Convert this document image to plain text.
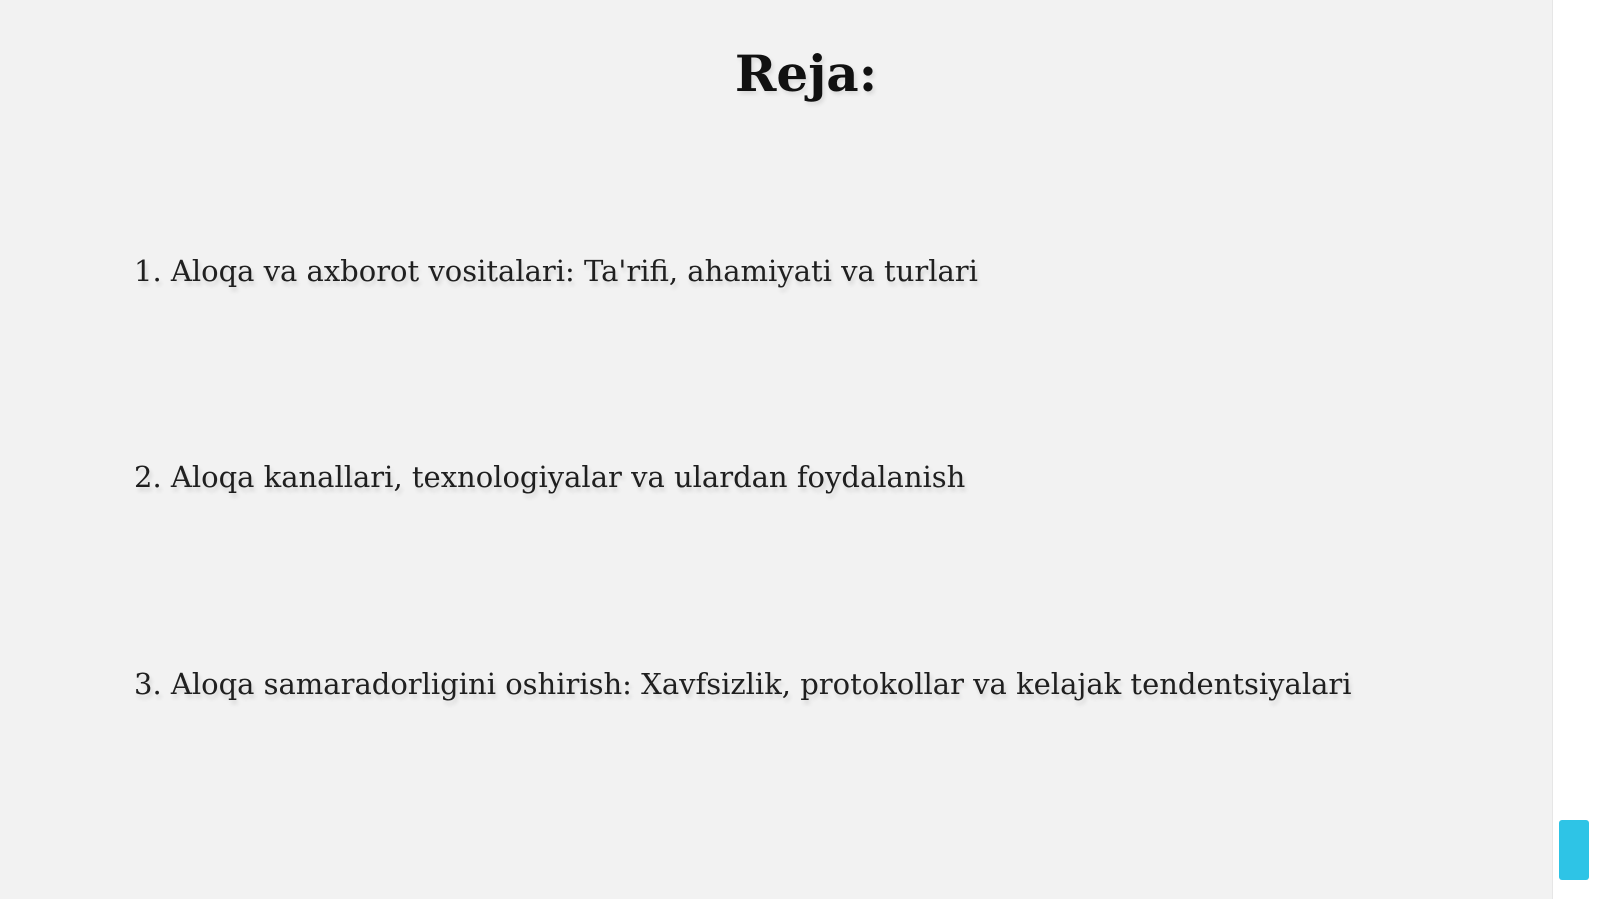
Reja:

1. Aloqa va axborot vositalari: Ta'rifi, ahamiyati va turlari

2. Aloqa kanallari, texnologiyalar va ulardan foydalanish

3. Aloqa samaradorligini oshirish: Xavfsizlik, protokollar va kelajak tendentsiyalari
